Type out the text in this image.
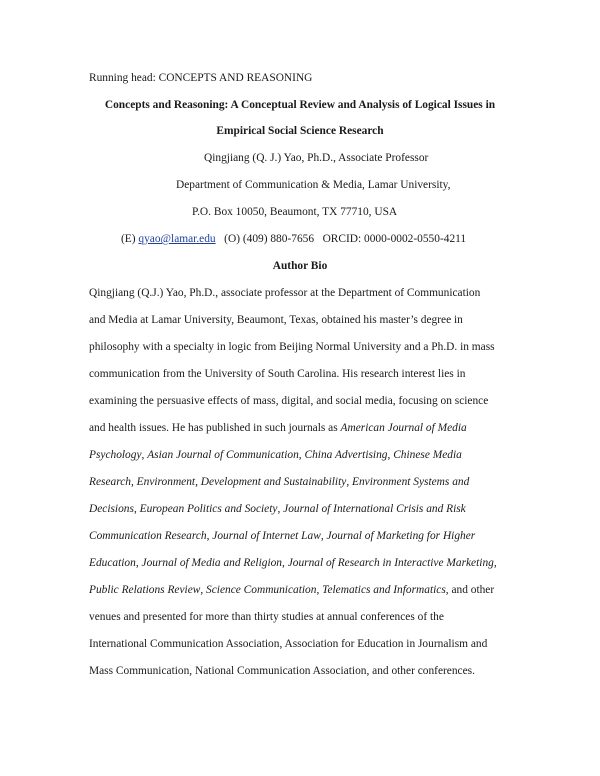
Running head: CONCEPTS AND REASONING
Concepts and Reasoning: A Conceptual Review and Analysis of Logical Issues in
Empirical Social Science Research
Qingjiang (Q. J.) Yao, Ph.D., Associate Professor
Department of Communication & Media, Lamar University,
P.O. Box 10050, Beaumont, TX 77710, USA
(E) qyao@lamar.edu   (O) (409) 880-7656   ORCID: 0000-0002-0550-4211
Author Bio
Qingjiang (Q.J.) Yao, Ph.D., associate professor at the Department of Communication
and Media at Lamar University, Beaumont, Texas, obtained his master’s degree in
philosophy with a specialty in logic from Beijing Normal University and a Ph.D. in mass
communication from the University of South Carolina. His research interest lies in
examining the persuasive effects of mass, digital, and social media, focusing on science
and health issues. He has published in such journals as American Journal of Media
Psychology, Asian Journal of Communication, China Advertising, Chinese Media
Research, Environment, Development and Sustainability, Environment Systems and
Decisions, European Politics and Society, Journal of International Crisis and Risk
Communication Research, Journal of Internet Law, Journal of Marketing for Higher
Education, Journal of Media and Religion, Journal of Research in Interactive Marketing,
Public Relations Review, Science Communication, Telematics and Informatics, and other
venues and presented for more than thirty studies at annual conferences of the
International Communication Association, Association for Education in Journalism and
Mass Communication, National Communication Association, and other conferences.
